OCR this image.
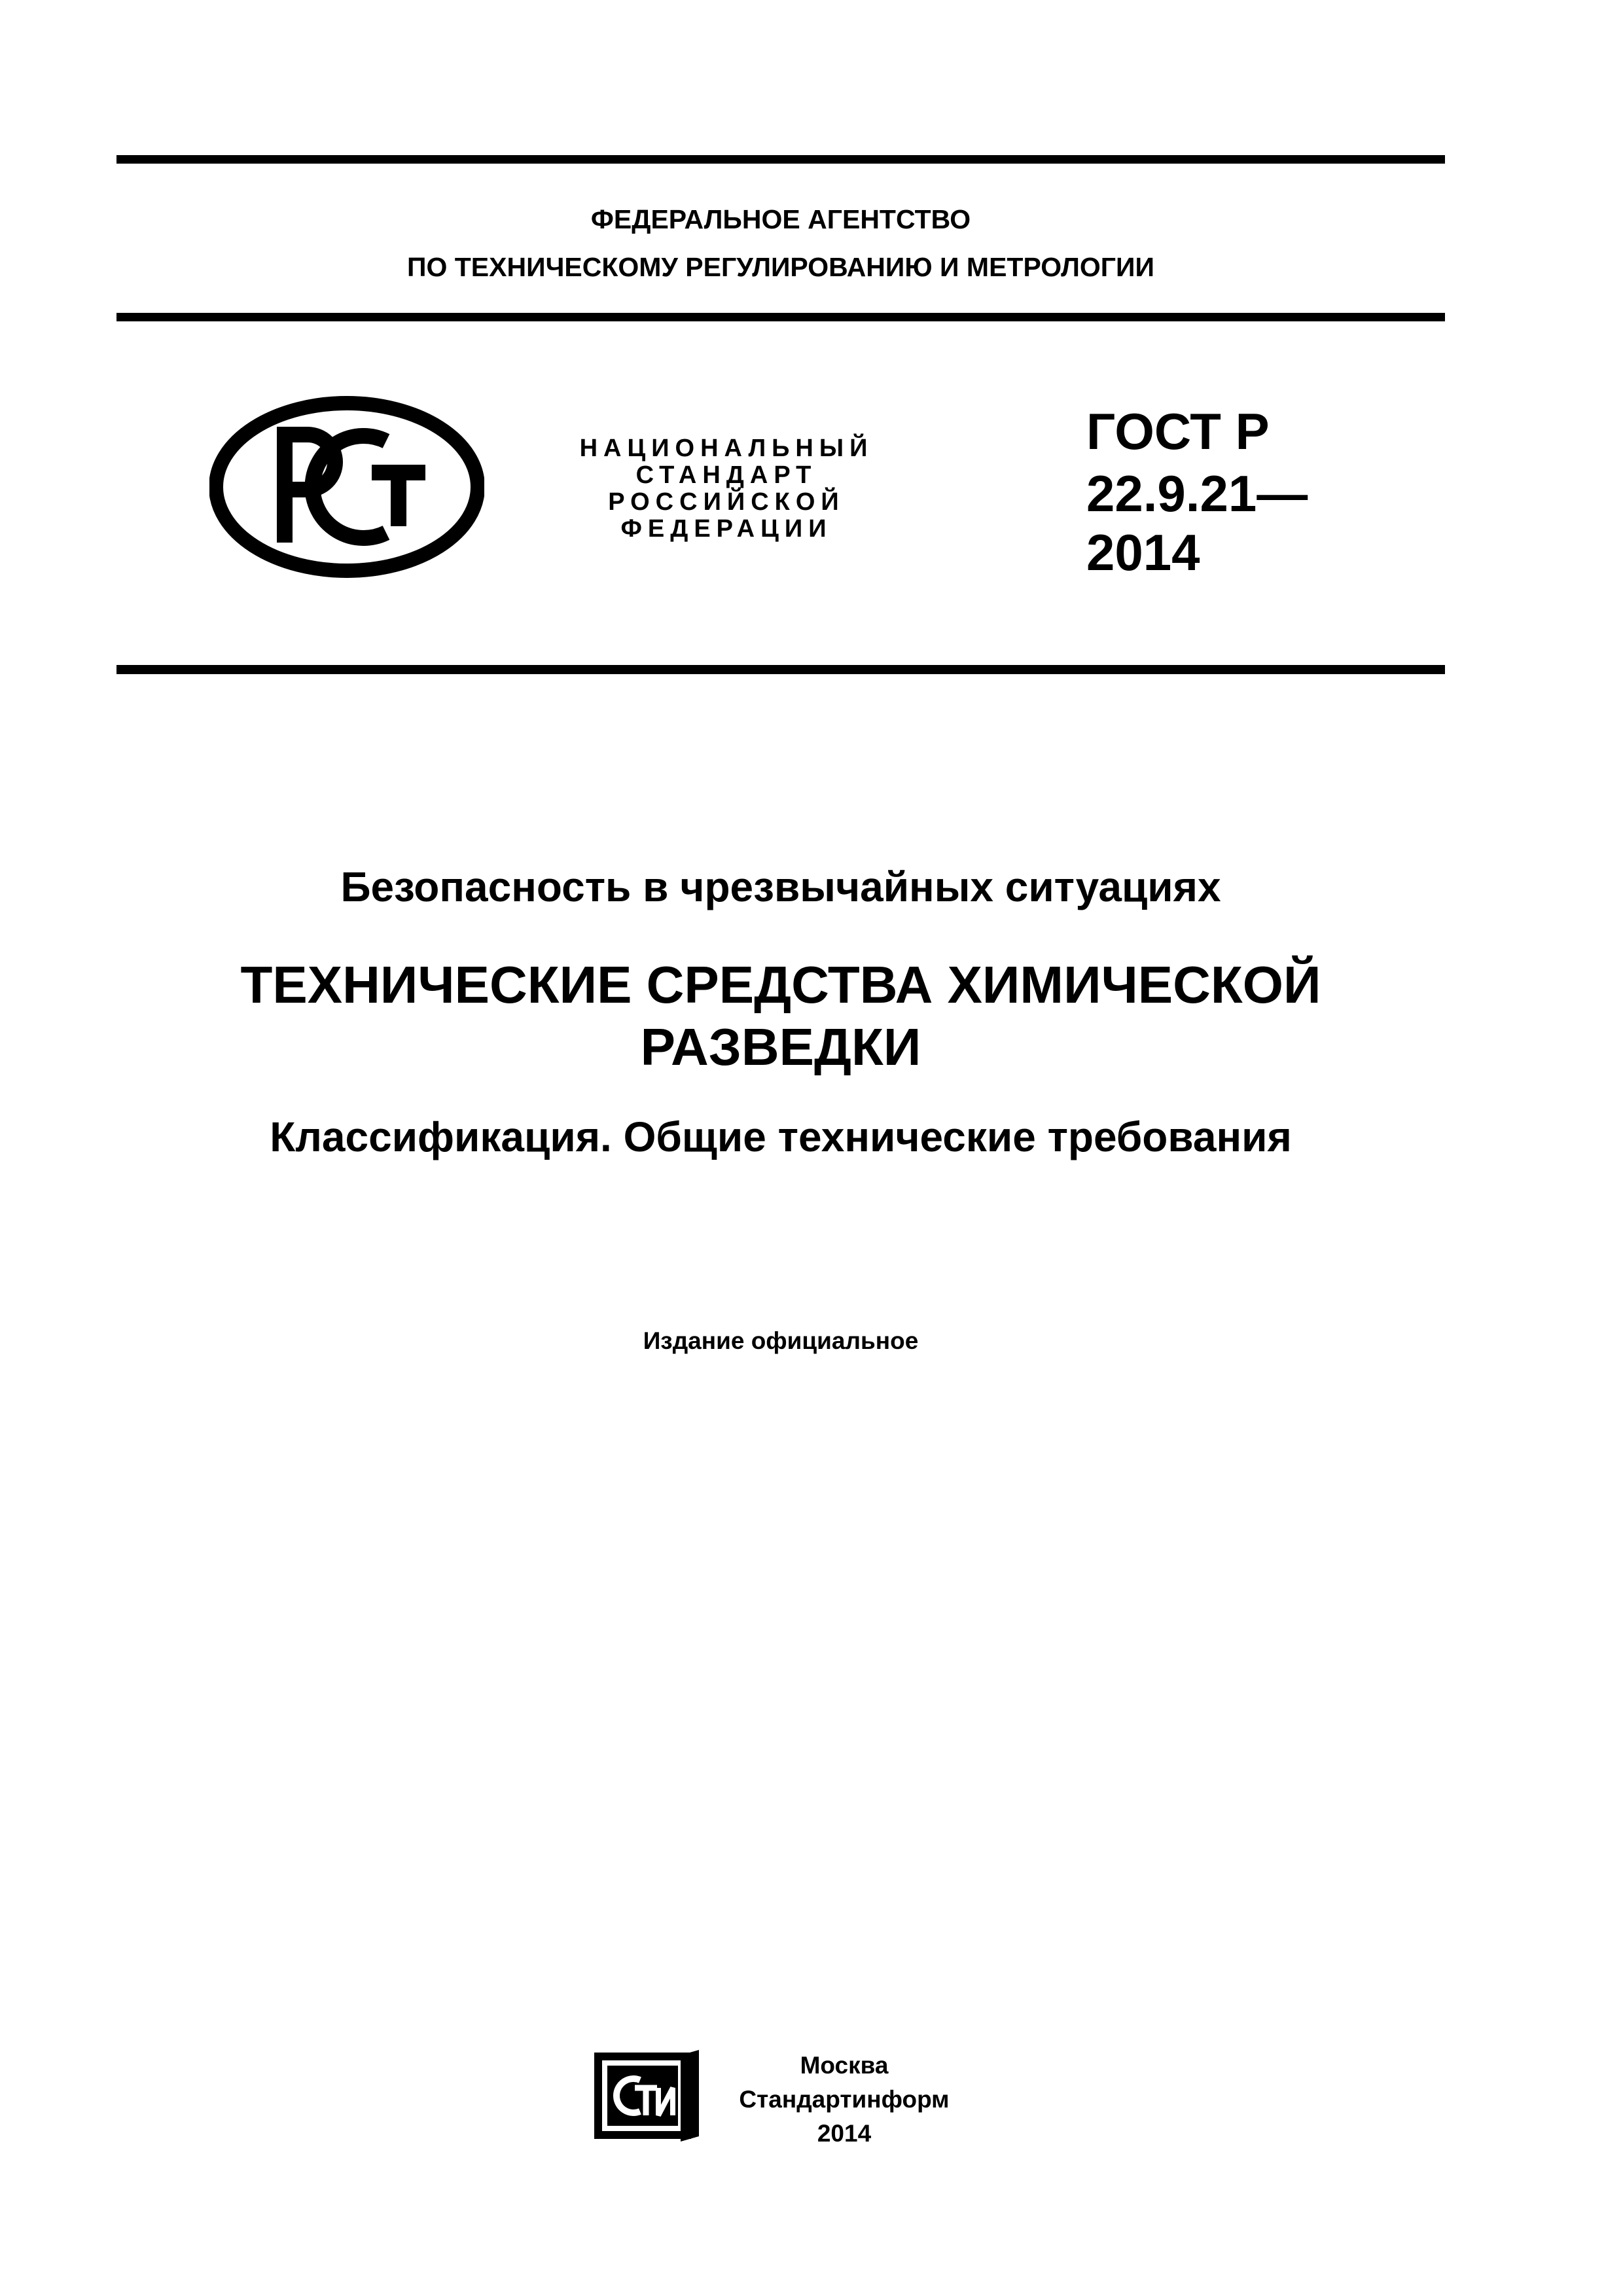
ФЕДЕРАЛЬНОЕ АГЕНТСТВО
ПО ТЕХНИЧЕСКОМУ РЕГУЛИРОВАНИЮ И МЕТРОЛОГИИ
НАЦИОНАЛЬНЫЙ
СТАНДАРТ
РОССИЙСКОЙ
ФЕДЕРАЦИИ
ГОСТ Р
22.9.21—
2014
Безопасность в чрезвычайных ситуациях
ТЕХНИЧЕСКИЕ СРЕДСТВА ХИМИЧЕСКОЙ
РАЗВЕДКИ
Классификация. Общие технические требования
Издание официальное
Москва
Стандартинформ
2014
